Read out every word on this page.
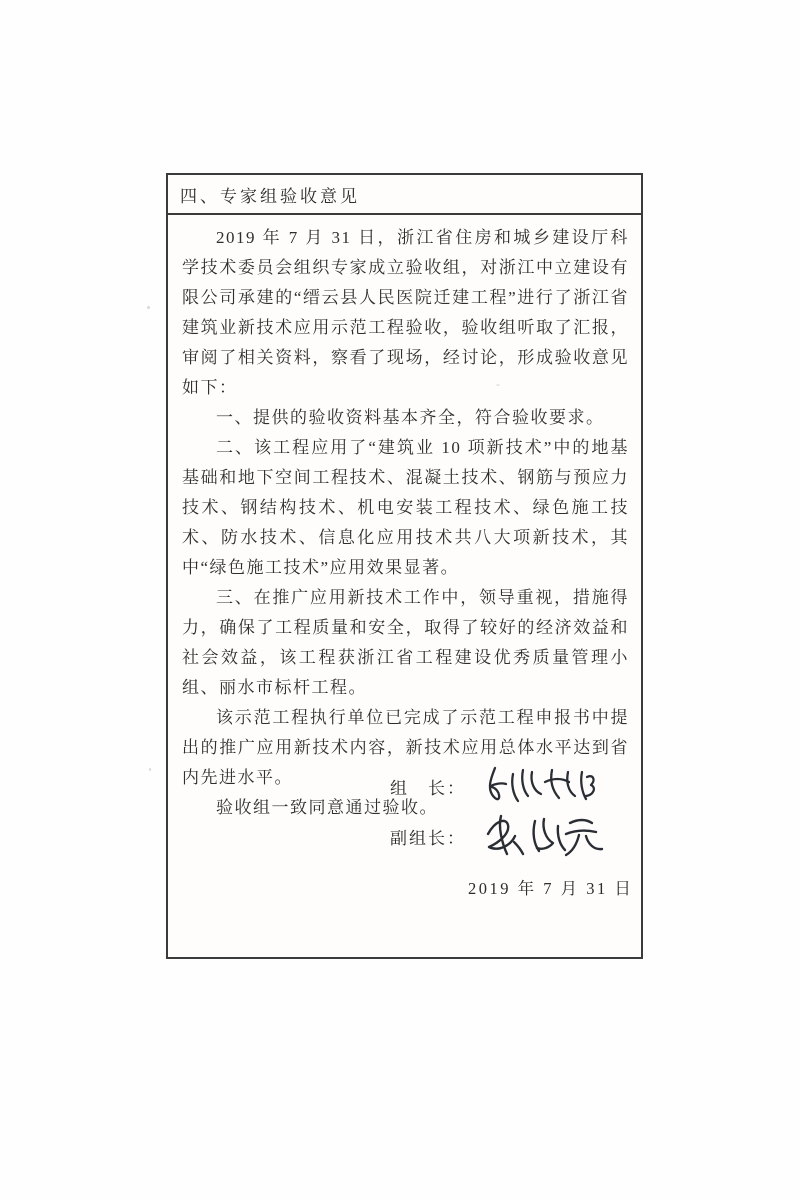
四、专家组验收意见

2019 年 7 月 31 日，浙江省住房和城乡建设厅科学技术委员会组织专家成立验收组，对浙江中立建设有限公司承建的“缙云县人民医院迁建工程”进行了浙江省建筑业新技术应用示范工程验收，验收组听取了汇报，审阅了相关资料，察看了现场，经讨论，形成验收意见如下：

一、提供的验收资料基本齐全，符合验收要求。

二、该工程应用了“建筑业 10 项新技术”中的地基基础和地下空间工程技术、混凝土技术、钢筋与预应力技术、钢结构技术、机电安装工程技术、绿色施工技术、防水技术、信息化应用技术共八大项新技术，其中“绿色施工技术”应用效果显著。

三、在推广应用新技术工作中，领导重视，措施得力，确保了工程质量和安全，取得了较好的经济效益和社会效益，该工程获浙江省工程建设优秀质量管理小组、丽水市标杆工程。

该示范工程执行单位已完成了示范工程申报书中提出的推广应用新技术内容，新技术应用总体水平达到省内先进水平。

验收组一致同意通过验收。

组　长：
副组长：
2019 年 7 月 31 日
